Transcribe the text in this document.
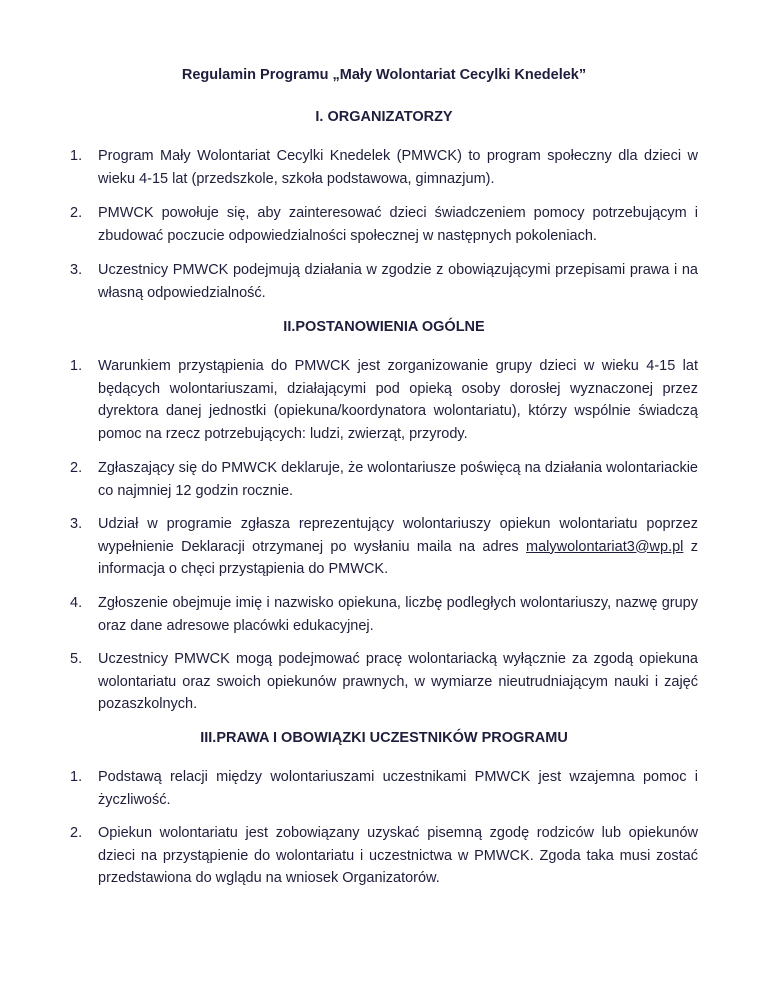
Regulamin Programu „Mały Wolontariat Cecylki Knedelek”
I. ORGANIZATORZY
1.	Program Mały Wolontariat Cecylki Knedelek (PMWCK) to program społeczny dla dzieci w wieku 4-15 lat (przedszkole, szkoła podstawowa, gimnazjum).
2.	PMWCK powołuje się, aby zainteresować dzieci świadczeniem pomocy potrzebującym i zbudować poczucie odpowiedzialności społecznej w następnych pokoleniach.
3.	Uczestnicy PMWCK podejmują działania w zgodzie z obowiązującymi przepisami prawa i na własną odpowiedzialność.
II.POSTANOWIENIA OGÓLNE
1.	Warunkiem przystąpienia do PMWCK jest zorganizowanie grupy dzieci w wieku 4-15 lat będących wolontariuszami, działającymi pod opieką osoby dorosłej wyznaczonej przez dyrektora danej jednostki (opiekuna/koordynatora wolontariatu), którzy wspólnie świadczą pomoc na rzecz potrzebujących: ludzi, zwierząt, przyrody.
2.	Zgłaszający się do PMWCK deklaruje, że wolontariusze poświęcą na działania wolontariackie co najmniej 12 godzin rocznie.
3.	Udział w programie zgłasza reprezentujący wolontariuszy opiekun wolontariatu poprzez wypełnienie Deklaracji otrzymanej po wysłaniu maila na adres malywolontariat3@wp.pl z informacja o chęci przystąpienia do PMWCK.
4.	Zgłoszenie obejmuje imię i nazwisko opiekuna, liczbę podległych wolontariuszy, nazwę grupy oraz dane adresowe placówki edukacyjnej.
5.	Uczestnicy PMWCK mogą podejmować pracę wolontariacką wyłącznie za zgodą opiekuna wolontariatu oraz swoich opiekunów prawnych, w wymiarze nieutrudniającym nauki i zajęć pozaszkolnych.
III.PRAWA I OBOWIĄZKI UCZESTNIKÓW PROGRAMU
1.	Podstawą relacji między wolontariuszami uczestnikami PMWCK jest wzajemna pomoc i życzliwość.
2.	Opiekun wolontariatu jest zobowiązany uzyskać pisemną zgodę rodziców lub opiekunów dzieci na przystąpienie do wolontariatu i uczestnictwa w PMWCK. Zgoda taka musi zostać przedstawiona do wglądu na wniosek Organizatorów.
